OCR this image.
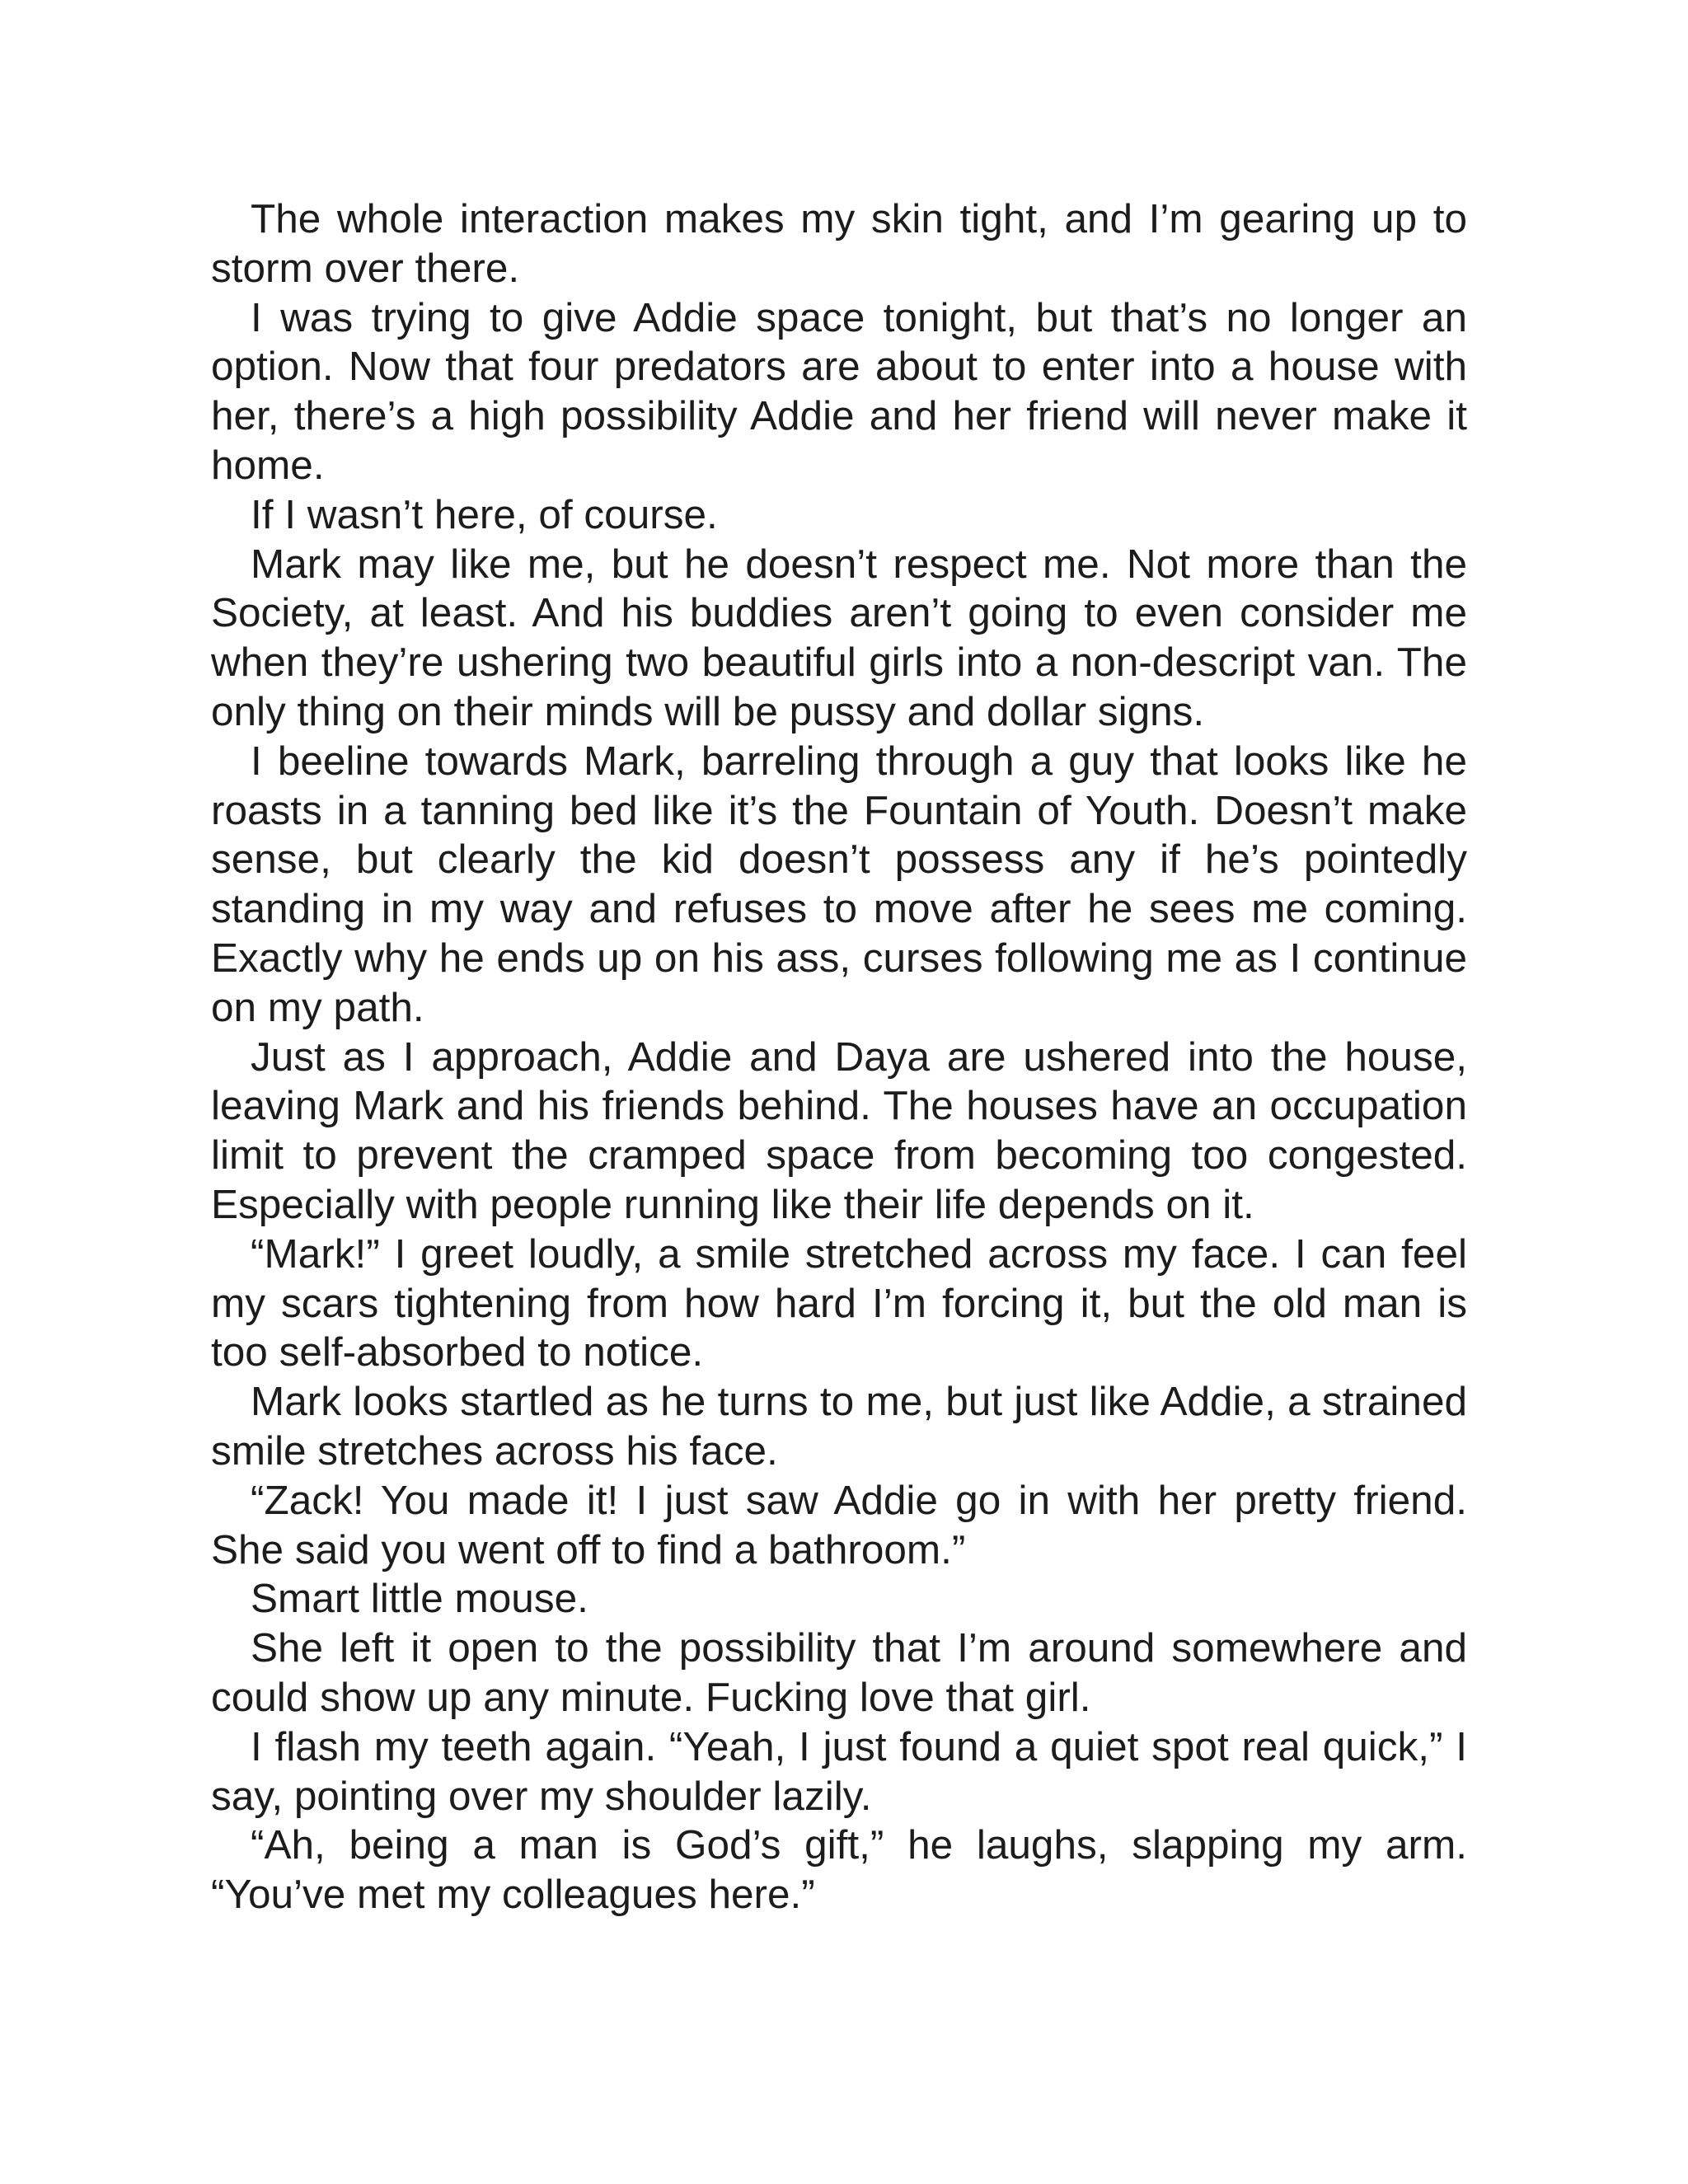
The whole interaction makes my skin tight, and I’m gearing up to storm over there.

I was trying to give Addie space tonight, but that’s no longer an option. Now that four predators are about to enter into a house with her, there’s a high possibility Addie and her friend will never make it home.

If I wasn’t here, of course.

Mark may like me, but he doesn’t respect me. Not more than the Society, at least. And his buddies aren’t going to even consider me when they’re ushering two beautiful girls into a non-descript van. The only thing on their minds will be pussy and dollar signs.

I beeline towards Mark, barreling through a guy that looks like he roasts in a tanning bed like it’s the Fountain of Youth. Doesn’t make sense, but clearly the kid doesn’t possess any if he’s pointedly standing in my way and refuses to move after he sees me coming. Exactly why he ends up on his ass, curses following me as I continue on my path.

Just as I approach, Addie and Daya are ushered into the house, leaving Mark and his friends behind. The houses have an occupation limit to prevent the cramped space from becoming too congested. Especially with people running like their life depends on it.

“Mark!” I greet loudly, a smile stretched across my face. I can feel my scars tightening from how hard I’m forcing it, but the old man is too self-absorbed to notice.

Mark looks startled as he turns to me, but just like Addie, a strained smile stretches across his face.

“Zack! You made it! I just saw Addie go in with her pretty friend. She said you went off to find a bathroom.”

Smart little mouse.

She left it open to the possibility that I’m around somewhere and could show up any minute. Fucking love that girl.

I flash my teeth again. “Yeah, I just found a quiet spot real quick,” I say, pointing over my shoulder lazily.

“Ah, being a man is God’s gift,” he laughs, slapping my arm. “You’ve met my colleagues here.”
